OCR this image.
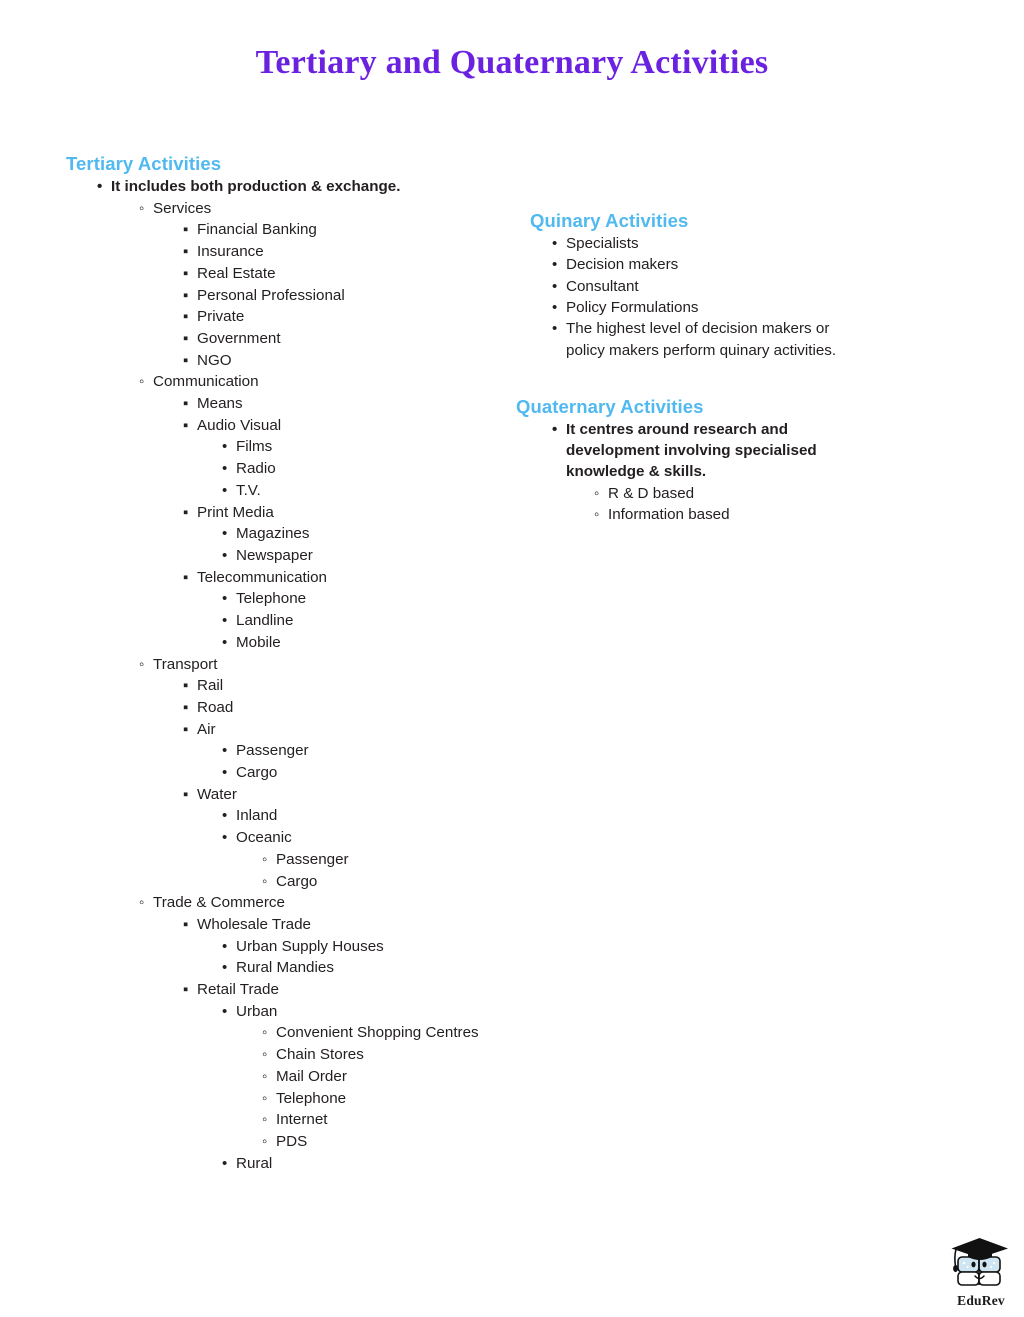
Tertiary and Quaternary Activities
Tertiary Activities
• It includes both production & exchange.
◦ Services
▪ Financial Banking
▪ Insurance
▪ Real Estate
▪ Personal Professional
▪ Private
▪ Government
▪ NGO
◦ Communication
▪ Means
▪ Audio Visual
• Films
• Radio
• T.V.
▪ Print Media
• Magazines
• Newspaper
▪ Telecommunication
• Telephone
• Landline
• Mobile
◦ Transport
▪ Rail
▪ Road
▪ Air
• Passenger
• Cargo
▪ Water
• Inland
• Oceanic
◦ Passenger
◦ Cargo
◦ Trade & Commerce
▪ Wholesale Trade
• Urban Supply Houses
• Rural Mandies
▪ Retail Trade
• Urban
◦ Convenient Shopping Centres
◦ Chain Stores
◦ Mail Order
◦ Telephone
◦ Internet
◦ PDS
• Rural
Quinary Activities
• Specialists
• Decision makers
• Consultant
• Policy Formulations
• The highest level of decision makers or policy makers perform quinary activities.
Quaternary Activities
• It centres around research and development involving specialised knowledge & skills.
◦ R & D based
◦ Information based
EduRev
